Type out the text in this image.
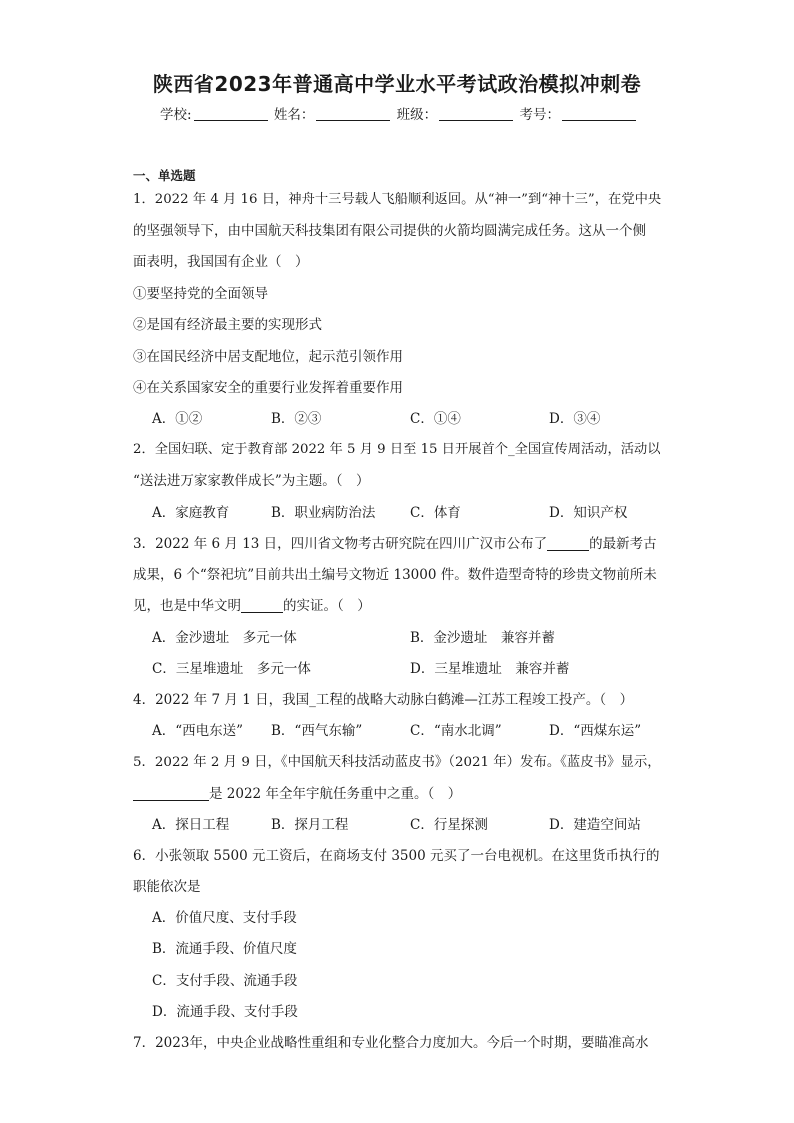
陕西省2023年普通高中学业水平考试政治模拟冲刺卷
学校:	姓名：	班级：	考号：
一、单选题
1．2022 年 4 月 16 日，神舟十三号载人飞船顺利返回。从“神一”到“神十三”，在党中央
的坚强领导下，由中国航天科技集团有限公司提供的火箭均圆满完成任务。这从一个侧
面表明，我国国有企业（　）
①要坚持党的全面领导
②是国有经济最主要的实现形式
③在国民经济中居支配地位，起示范引领作用
④在关系国家安全的重要行业发挥着重要作用
A．①②	B．②③	C．①④	D．③④
2．全国妇联、定于教育部 2022 年 5 月 9 日至 15 日开展首个_全国宣传周活动，活动以
“送法进万家家教伴成长”为主题。（　）
A．家庭教育	B．职业病防治法	C．体育	D．知识产权
3．2022 年 6 月 13 日，四川省文物考古研究院在四川广汉市公布了	的最新考古
成果，6 个“祭祀坑”目前共出土编号文物近 13000 件。数件造型奇特的珍贵文物前所未
见，也是中华文明	的实证。（　）
A．金沙遗址　多元一体	B．金沙遗址　兼容并蓄
C．三星堆遗址　多元一体	D．三星堆遗址　兼容并蓄
4．2022 年 7 月 1 日，我国_工程的战略大动脉白鹤滩—江苏工程竣工投产。（　）
A．“西电东送” B．“西气东输”	C．“南水北调”	D．“西煤东运”
5．2022 年 2 月 9 日，《中国航天科技活动蓝皮书》（2021 年）发布。《蓝皮书》显示，
是 2022 年全年宇航任务重中之重。（　）
A．探日工程	B．探月工程	C．行星探测	D．建造空间站
6．小张领取 5500 元工资后，在商场支付 3500 元买了一台电视机。在这里货币执行的
职能依次是
A．价值尺度、支付手段
B．流通手段、价值尺度
C．支付手段、流通手段
D．流通手段、支付手段
7．2023年，中央企业战略性重组和专业化整合力度加大。今后一个时期，要瞄准高水
